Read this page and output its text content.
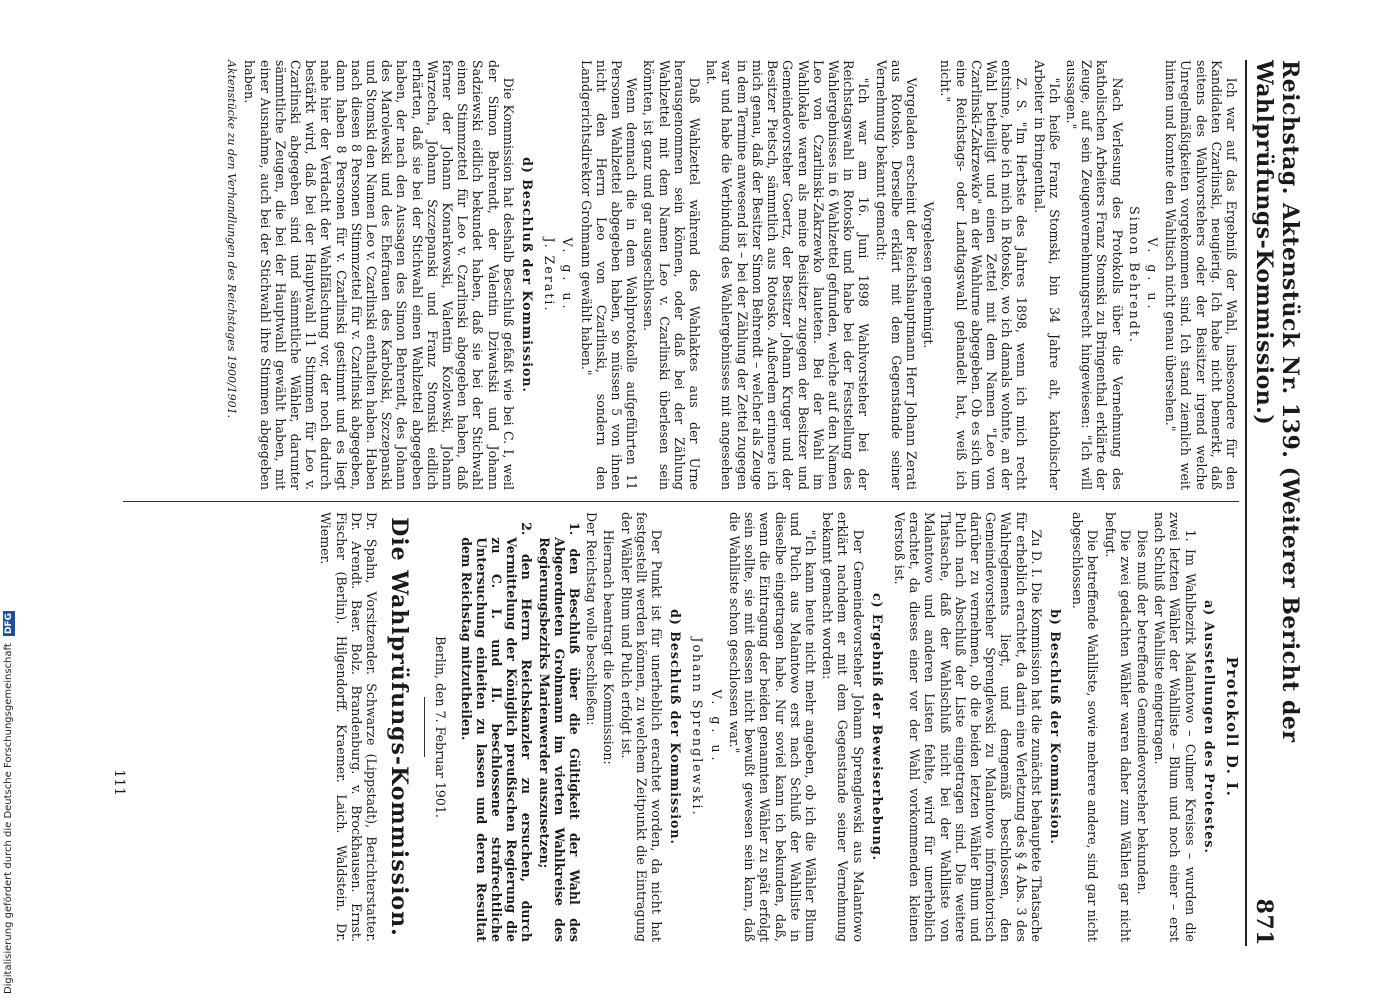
Reichstag. Aktenstück Nr. 139. (Weiterer Bericht der Wahlprüfungs-Kommission.)
871

Ich war auf das Ergebniß der Wahl, insbesondere für den Kandidaten Czarlinski, neugierig. Ich habe nicht bemerkt, daß seitens des Wahlvorstehers oder der Beisitzer irgend welche Unregelmäßigkeiten vorgekommen sind. Ich stand ziemlich weit hinten und konnte den Wahltisch nicht genau übersehen."

V. g. u.

Simon Behrendt.

Nach Verlesung des Protokolls über die Vernehmung des katholischen Arbeiters Franz Stomski zu Bringenthal erklärte der Zeuge, auf sein Zeugenvernehmungsrecht hingewiesen: "Ich will aussagen."

"Ich heiße Franz Stomski, bin 34 Jahre alt, katholischer Arbeiter in Bringenthal.

Z. S. "Im Herbste des Jahres 1898, wenn ich mich recht entsinne, habe ich mich in Rotosko, wo ich damals wohnte, an der Wahl betheiligt und einen Zettel mit dem Namen "Leo von Czarlinski-Zakrzewko" an der Wahlurne abgegeben. Ob es sich um eine Reichstags- oder Landtagswahl gehandelt hat, weiß ich nicht."

Vorgelesen genehmigt.

Vorgeladen erscheint der Reichshauptmann Herr Johann Zerati aus Rotosko. Derselbe erklärt mit dem Gegenstande seiner Vernehmung bekannt gemacht:

"Ich war am 16. Juni 1898 Wahlvorsteher bei der Reichstagswahl in Rotosko und habe bei der Feststellung des Wahlergebnisses in 6 Wahlzettel gefunden, welche auf den Namen Leo von Czarlinski-Zakrzewko lauteten. Bei der Wahl im Wahllokale waren als meine Beisitzer zugegen der Besitzer und Gemeindevorsteher Goertz, der Besitzer Johann Kruger und der Besitzer Pietsch, sämmtlich aus Rotosko. Außerdem erinnere ich mich genau, daß der Besitzer Simon Behrendt – welcher als Zeuge in dem Termine anwesend ist – bei der Zählung der Zettel zugegen war und habe die Verbindung des Wahlergebnisses mit angesehen hat.

Daß Wahlzettel während des Wahlaktes aus der Urne herausgenommen sein können, oder daß bei der Zählung Wahlzettel mit dem Namen Leo v. Czarlinski überlesen sein könnten, ist ganz und gar ausgeschlossen.

Wenn demnach die in dem Wahlprotokolle aufgeführten 11 Personen Wahlzettel abgegeben haben, so müssen 5 von ihnen nicht den Herrn Leo von Czarlinski, sondern den Landgerichtsdirektor Grohmann gewählt haben."

V. g. u.

J. Zerati.

d) Beschluß der Kommission.

Die Kommission hat deshalb Beschluß gefaßt wie bei C. I, weil der Simon Behrendt, der Valentin Dziwatski und Johann Sadziewski eidlich bekundet haben, daß sie bei der Stichwahl einen Stimmzettel für Leo v. Czarlinski abgegeben haben, daß ferner der Johann Konarkowski, Valentin Kozlowski, Johann Warzecha, Johann Szczepanski und Franz Stomski eidlich erhärten, daß sie bei der Stichwahl einen Wahlzettel abgegeben haben, der nach den Aussagen des Simon Behrendt, des Johann des Marolewski und des Ehefrauen des Karbolski, Szczepanski und Stomski den Namen Leo v. Czarlinski enthalten haben. Haben nach diesen 8 Personen Stimmzettel für v. Czarlinski abgegeben, dann haben 8 Personen für v. Czarlinski gestimmt und es liegt nahe hier der Verdacht der Wahlfälschung vor, der noch dadurch bestärkt wird, daß bei der Hauptwahl 11 Stimmen für Leo v. Czarlinski abgegeben sind und sämmtliche Wähler, darunter sämmtliche Zeugen, die bei der Hauptwahl gewählt haben, mit einer Ausnahme, auch bei der Stichwahl ihre Stimmen abgegeben haben.

Aktenstücke zu den Verhandlungen des Reichstages 1900/1901.

Protokoll D. I.

a) Ausstellungen des Protestes.

1. Im Wahlbezirk Malantowo – Culmer Kreises – wurden die zwei letzten Wähler der Wahlliste – Blum und noch einer – erst nach Schluß der Wahlliste eingetragen.

Dies muß der betreffende Gemeindevorsteher bekunden.

Die zwei gedachten Wähler waren daher zum Wählen gar nicht befugt.

Die betreffende Wahlliste, sowie mehrere andere, sind gar nicht abgeschlossen.

b) Beschluß der Kommission.

Zu D. I. Die Kommission hat die zunächst behauptete Thatsache für erheblich erachtet, da darin eine Verletzung des § 4 Abs. 3 des Wahlreglements liegt, und demgemäß beschlossen, den Gemeindevorsteher Sprenglewski zu Malantowo informatorisch darüber zu vernehmen, ob die beiden letzten Wähler Blum und Pulch nach Abschluß der Liste eingetragen sind. Die weitere Thatsache, daß der Wahlschluß nicht bei der Wahlliste von Malantowo und anderen Listen fehlte, wird für unerheblich erachtet, da dieses einer vor der Wahl vorkommenden kleinen Verstoß ist.

c) Ergebniß der Beweiserhebung.

Der Gemeindevorsteher Johann Sprenglewski aus Malantowo erklärt nachdem er mit dem Gegenstande seiner Vernehmung bekannt gemacht worden:

"Ich kann heute nicht mehr angeben, ob ich die Wähler Blum und Pulch aus Malantowo erst nach Schluß der Wahlliste in dieselbe eingetragen habe. Nur soviel kann ich bekunden, daß, wenn die Eintragung der beiden genannten Wähler zu spät erfolgt sein sollte, sie mit dessen nicht bewußt gewesen sein kann, daß die Wahlliste schon geschlossen war."

V. g. u.

Johann Sprenglewski.

d) Beschluß der Kommission.

Der Punkt ist für unerheblich erachtet worden, da nicht hat festgestellt werden können, zu welchem Zeitpunkt die Eintragung der Wähler Blum und Pulch erfolgt ist.

Hiernach beantragt die Kommission:

Der Reichstag wolle beschließen:

1. den Beschluß über die Gültigkeit der Wahl des Abgeordneten Grohmann im vierten Wahlkreise des Regierungsbezirks Marienwerder auszusetzen;

2. den Herrn Reichskanzler zu ersuchen, durch Vermittelung der Königlich preußischen Regierung die zu C. I. und II. beschlossene strafrechtliche Untersuchung einleiten zu lassen und deren Resultat dem Reichstag mitzutheilen.

Berlin, den 7. Februar 1901.

Die Wahlprüfungs-Kommission.

Dr. Spahn, Vorsitzender. Schwarze (Lippstadt), Berichterstatter. Dr. Arendt. Baer. Bolz. Brandenburg. v. Brockhausen. Ernst. Fischer (Berlin). Hilgendorff. Kraemer. Laich. Waldstein. Dr. Wiemer.

111
Digitalisierung gefördert durch die Deutsche Forschungsgemeinschaft DFG
